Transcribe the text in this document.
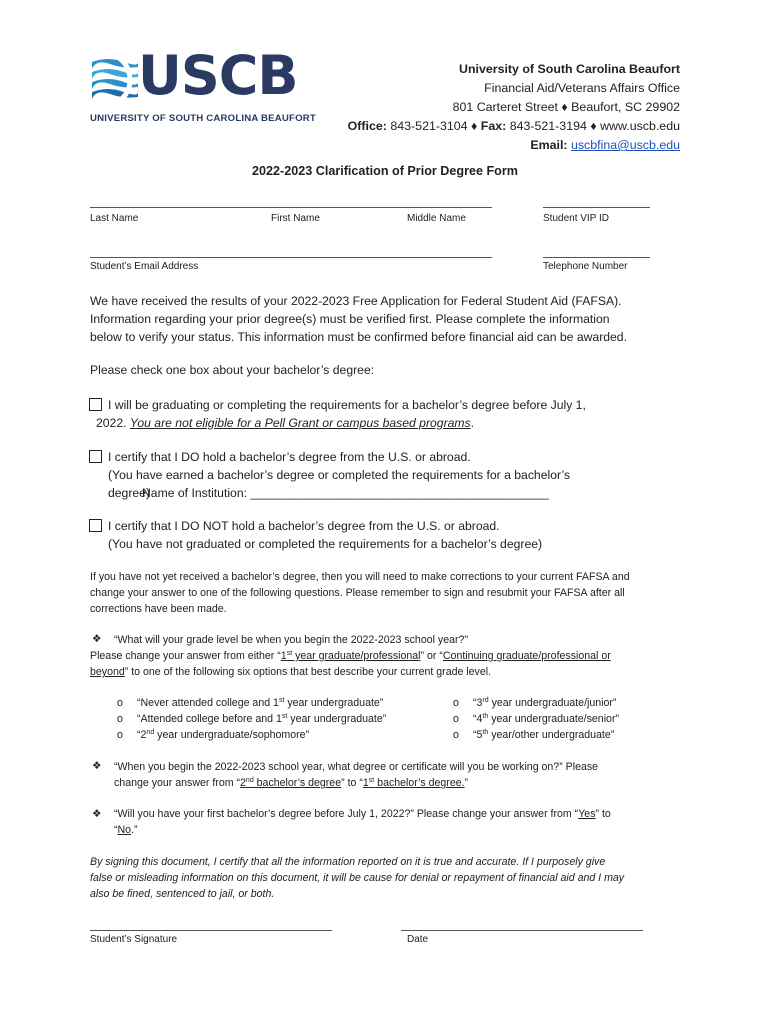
USCB
UNIVERSITY OF SOUTH CAROLINA BEAUFORT
University of South Carolina Beaufort
Financial Aid/Veterans Affairs Office
801 Carteret Street ♦ Beaufort, SC 29902
Office: 843-521-3104 ♦ Fax: 843-521-3194 ♦ www.uscb.edu
Email: uscbfina@uscb.edu
2022-2023 Clarification of Prior Degree Form
Last Name	First Name	Middle Name	Student VIP ID
Student’s Email Address	Telephone Number
We have received the results of your 2022-2023 Free Application for Federal Student Aid (FAFSA).
Information regarding your prior degree(s) must be verified first. Please complete the information
below to verify your status. This information must be confirmed before financial aid can be awarded.
Please check one box about your bachelor’s degree:
I will be graduating or completing the requirements for a bachelor’s degree before July 1,
2022. You are not eligible for a Pell Grant or campus based programs.
I certify that I DO hold a bachelor’s degree from the U.S. or abroad.
(You have earned a bachelor’s degree or completed the requirements for a bachelor’s
degree)
Name of Institution: ____________________________________________
I certify that I DO NOT hold a bachelor’s degree from the U.S. or abroad.
(You have not graduated or completed the requirements for a bachelor’s degree)
If you have not yet received a bachelor’s degree, then you will need to make corrections to your current FAFSA and
change your answer to one of the following questions. Please remember to sign and resubmit your FAFSA after all
corrections have been made.
❖ “What will your grade level be when you begin the 2022-2023 school year?"
Please change your answer from either “1st year graduate/professional” or “Continuing graduate/professional or
beyond” to one of the following six options that best describe your current grade level.
o “Never attended college and 1st year undergraduate”
o “Attended college before and 1st year undergraduate”
o “2nd year undergraduate/sophomore”
o “3rd year undergraduate/junior”
o “4th year undergraduate/senior”
o “5th year/other undergraduate”
❖ “When you begin the 2022-2023 school year, what degree or certificate will you be working on?” Please
change your answer from “2nd bachelor’s degree” to “1st bachelor’s degree.”
❖ “Will you have your first bachelor’s degree before July 1, 2022?” Please change your answer from “Yes” to
“No.”
By signing this document, I certify that all the information reported on it is true and accurate. If I purposely give
false or misleading information on this document, it will be cause for denial or repayment of financial aid and I may
also be fined, sentenced to jail, or both.
Student’s Signature	Date
